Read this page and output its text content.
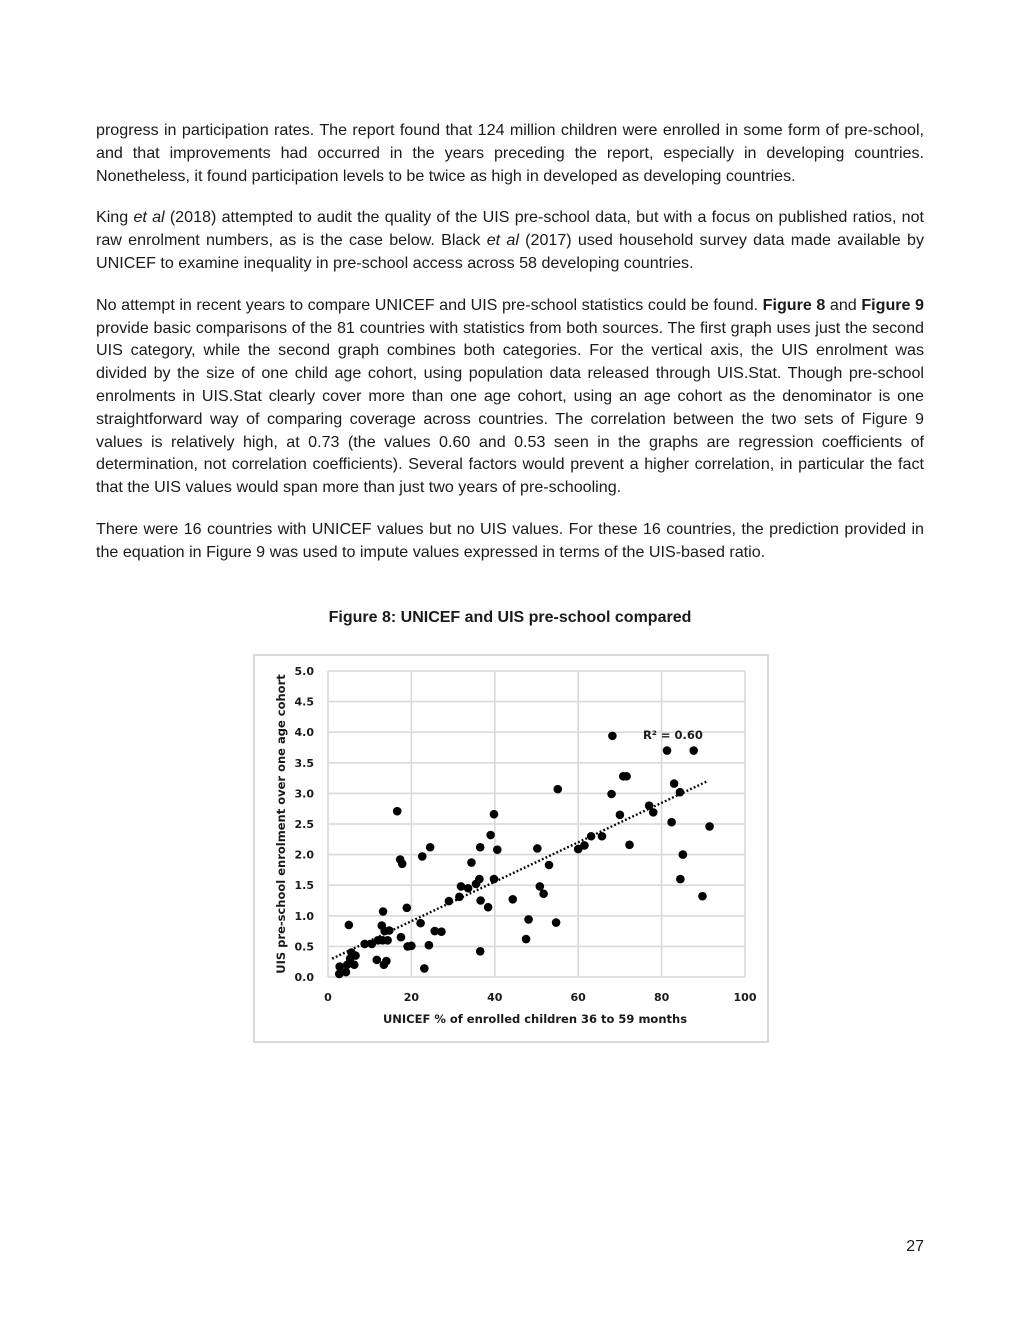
progress in participation rates. The report found that 124 million children were enrolled in some form of pre-school, and that improvements had occurred in the years preceding the report, especially in developing countries. Nonetheless, it found participation levels to be twice as high in developed as developing countries.

King et al (2018) attempted to audit the quality of the UIS pre-school data, but with a focus on published ratios, not raw enrolment numbers, as is the case below. Black et al (2017) used household survey data made available by UNICEF to examine inequality in pre-school access across 58 developing countries.

No attempt in recent years to compare UNICEF and UIS pre-school statistics could be found. Figure 8 and Figure 9 provide basic comparisons of the 81 countries with statistics from both sources. The first graph uses just the second UIS category, while the second graph combines both categories. For the vertical axis, the UIS enrolment was divided by the size of one child age cohort, using population data released through UIS.Stat. Though pre-school enrolments in UIS.Stat clearly cover more than one age cohort, using an age cohort as the denominator is one straightforward way of comparing coverage across countries. The correlation between the two sets of Figure 9 values is relatively high, at 0.73 (the values 0.60 and 0.53 seen in the graphs are regression coefficients of determination, not correlation coefficients). Several factors would prevent a higher correlation, in particular the fact that the UIS values would span more than just two years of pre-schooling.

There were 16 countries with UNICEF values but no UIS values. For these 16 countries, the prediction provided in the equation in Figure 9 was used to impute values expressed in terms of the UIS-based ratio.

Figure 8: UNICEF and UIS pre-school compared
0.0
0.5
1.0
1.5
2.0
2.5
3.0
3.5
4.0
4.5
5.0
0	20	40	60	80	100
UNICEF % of enrolled children 36 to 59 months
UIS pre-school enrolment over one age cohort	R² = 0.60
27
